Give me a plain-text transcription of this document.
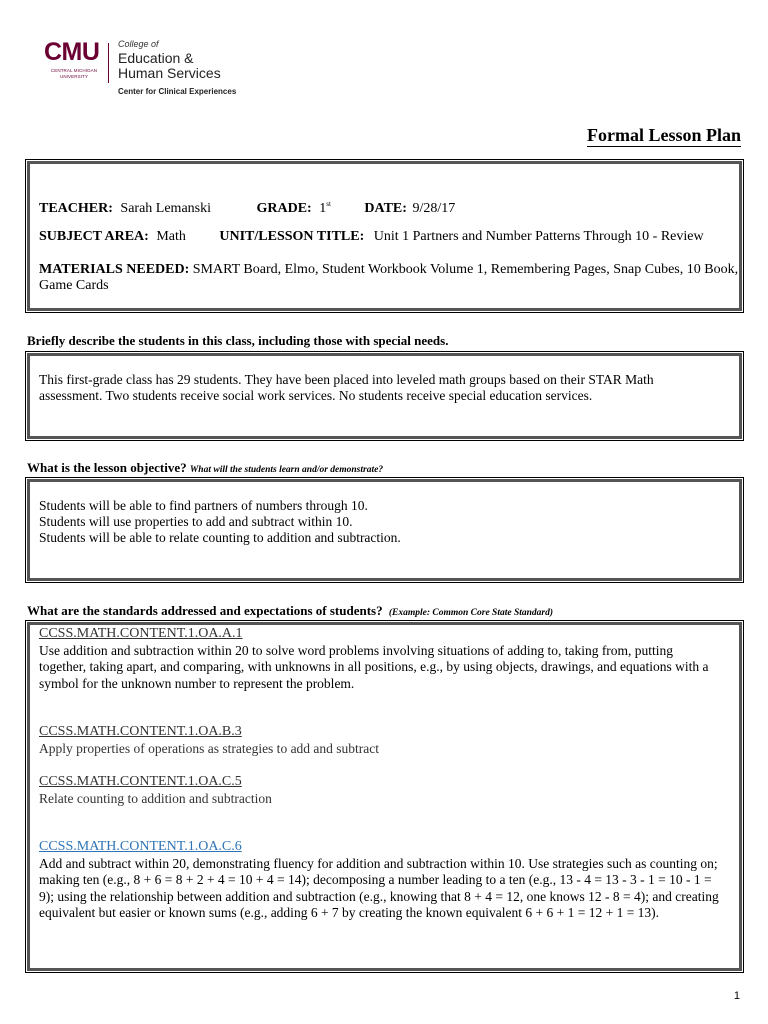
CMU
CENTRAL MICHIGAN UNIVERSITY
College of
Education &
Human Services
Center for Clinical Experiences
Formal Lesson Plan
TEACHER: Sarah Lemanski	GRADE: 1st DATE: 9/28/17
SUBJECT AREA: Math UNIT/LESSON TITLE: Unit 1 Partners and Number Patterns Through 10 - Review
MATERIALS NEEDED: SMART Board, Elmo, Student Workbook Volume 1, Remembering Pages, Snap Cubes, 10 Book,
Game Cards
Briefly describe the students in this class, including those with special needs.
This first-grade class has 29 students. They have been placed into leveled math groups based on their STAR Math
assessment. Two students receive social work services. No students receive special education services.
What is the lesson objective? What will the students learn and/or demonstrate?
Students will be able to find partners of numbers through 10.
Students will use properties to add and subtract within 10.
Students will be able to relate counting to addition and subtraction.
What are the standards addressed and expectations of students? (Example: Common Core State Standard)
CCSS.MATH.CONTENT.1.OA.A.1
Use addition and subtraction within 20 to solve word problems involving situations of adding to, taking from, putting
together, taking apart, and comparing, with unknowns in all positions, e.g., by using objects, drawings, and equations with a
symbol for the unknown number to represent the problem.
CCSS.MATH.CONTENT.1.OA.B.3
Apply properties of operations as strategies to add and subtract
CCSS.MATH.CONTENT.1.OA.C.5
Relate counting to addition and subtraction
CCSS.MATH.CONTENT.1.OA.C.6
Add and subtract within 20, demonstrating fluency for addition and subtraction within 10. Use strategies such as counting on;
making ten (e.g., 8 + 6 = 8 + 2 + 4 = 10 + 4 = 14); decomposing a number leading to a ten (e.g., 13 - 4 = 13 - 3 - 1 = 10 - 1 =
9); using the relationship between addition and subtraction (e.g., knowing that 8 + 4 = 12, one knows 12 - 8 = 4); and creating
equivalent but easier or known sums (e.g., adding 6 + 7 by creating the known equivalent 6 + 6 + 1 = 12 + 1 = 13).
1
